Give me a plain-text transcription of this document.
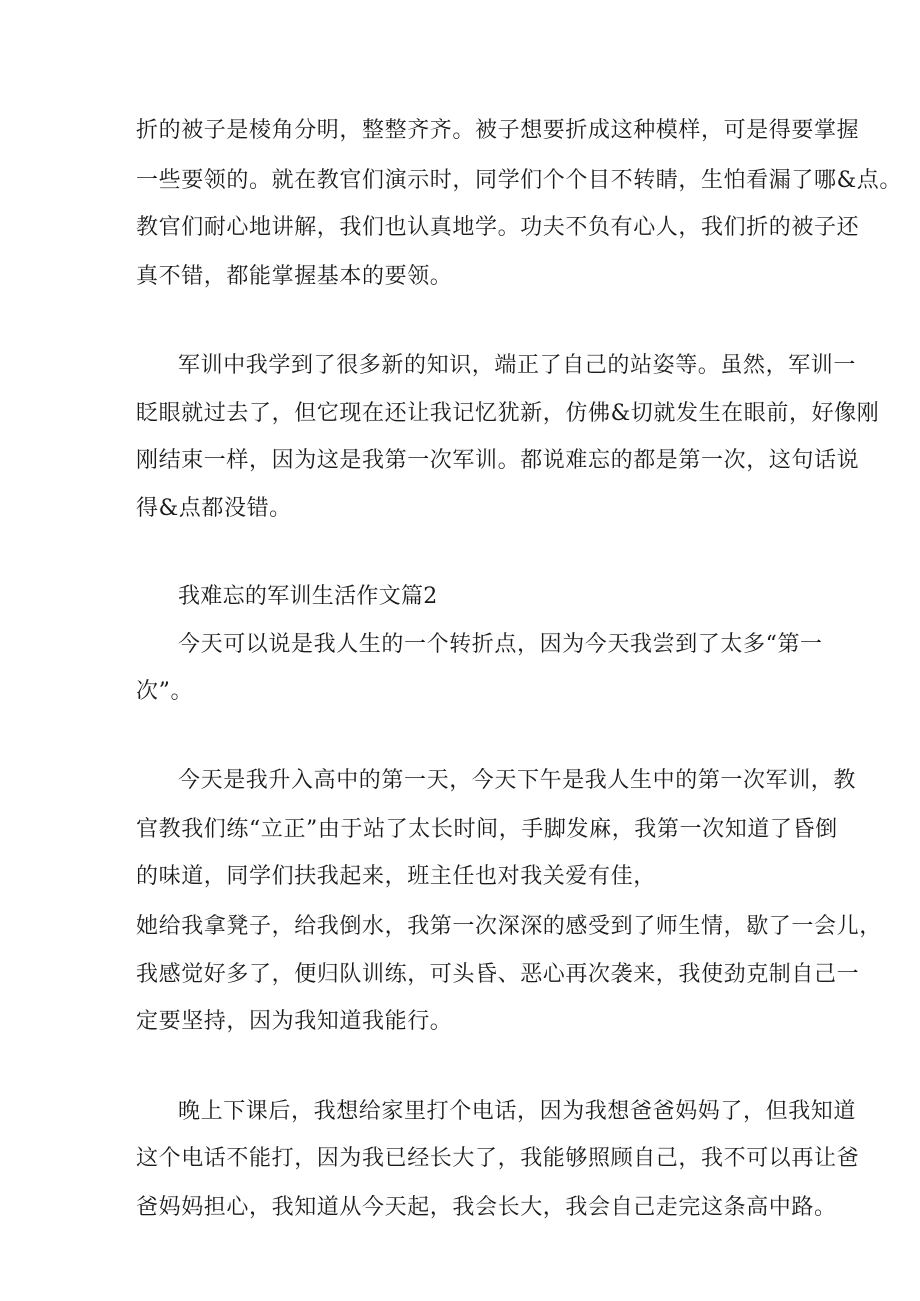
折的被子是棱角分明，整整齐齐。被子想要折成这种模样，可是得要掌握
一些要领的。就在教官们演示时，同学们个个目不转睛，生怕看漏了哪&点。
教官们耐心地讲解，我们也认真地学。功夫不负有心人，我们折的被子还
真不错，都能掌握基本的要领。
军训中我学到了很多新的知识，端正了自己的站姿等。虽然，军训一
眨眼就过去了，但它现在还让我记忆犹新，仿佛&切就发生在眼前，好像刚
刚结束一样，因为这是我第一次军训。都说难忘的都是第一次，这句话说
得&点都没错。
我难忘的军训生活作文篇2
今天可以说是我人生的一个转折点，因为今天我尝到了太多“第一
次”。
今天是我升入高中的第一天，今天下午是我人生中的第一次军训，教
官教我们练“立正”由于站了太长时间，手脚发麻，我第一次知道了昏倒
的味道，同学们扶我起来，班主任也对我关爱有佳，
她给我拿凳子，给我倒水，我第一次深深的感受到了师生情，歇了一会儿，
我感觉好多了，便归队训练，可头昏、恶心再次袭来，我使劲克制自己一
定要坚持，因为我知道我能行。
晚上下课后，我想给家里打个电话，因为我想爸爸妈妈了，但我知道
这个电话不能打，因为我已经长大了，我能够照顾自己，我不可以再让爸
爸妈妈担心，我知道从今天起，我会长大，我会自己走完这条高中路。
